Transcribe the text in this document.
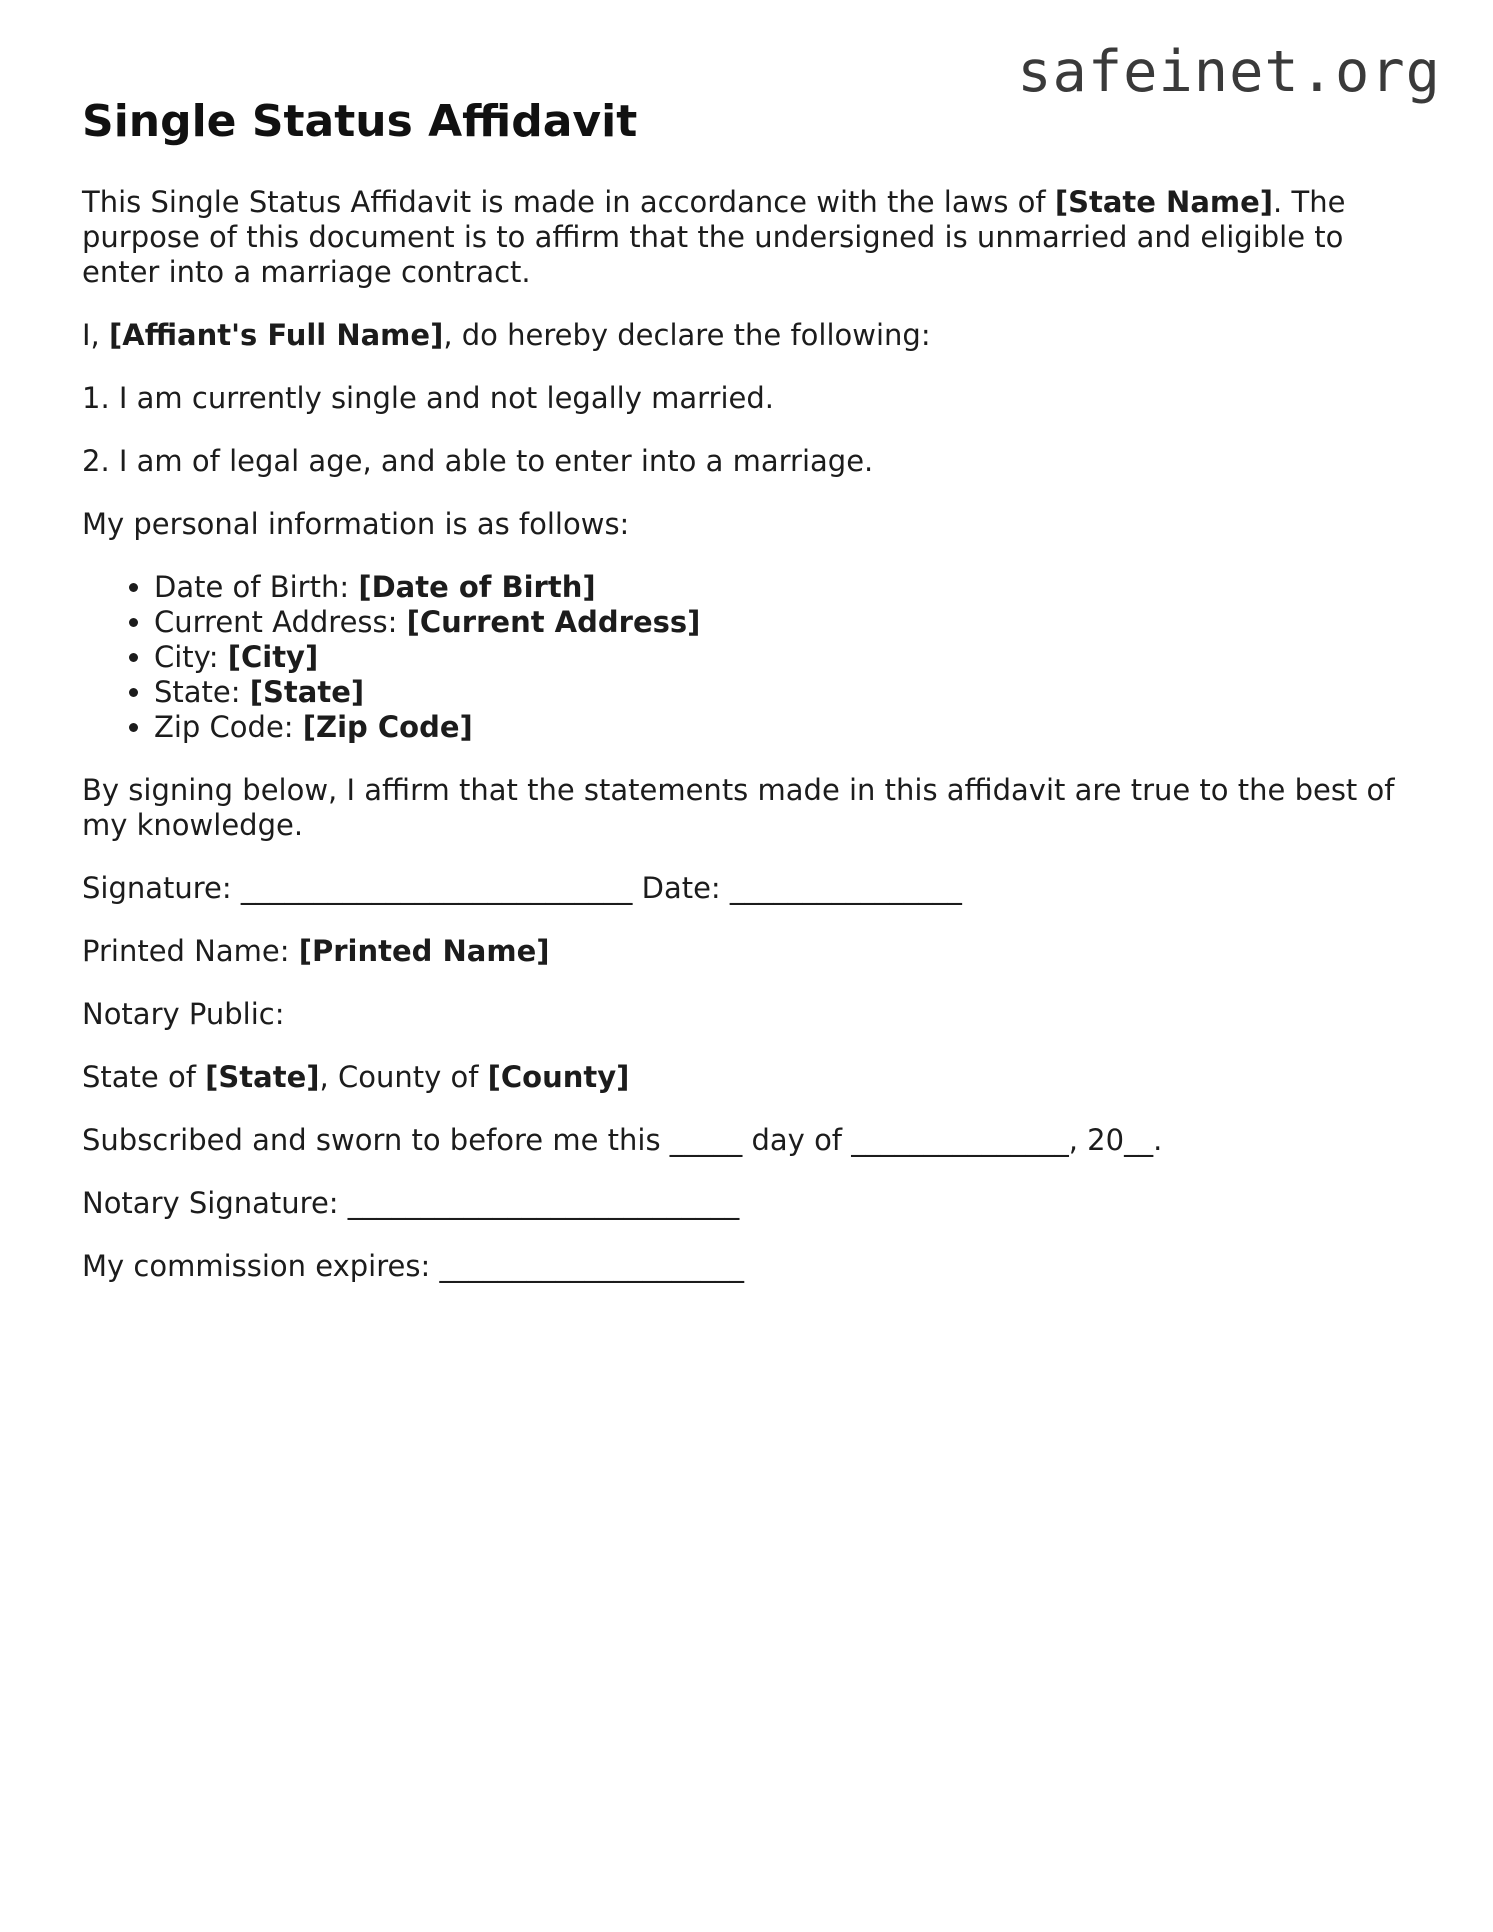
safeinet.org
Single Status Affidavit

This Single Status Affidavit is made in accordance with the laws of [State Name]. The purpose of this document is to affirm that the undersigned is unmarried and eligible to enter into a marriage contract.

I, [Affiant's Full Name], do hereby declare the following:

1. I am currently single and not legally married.

2. I am of legal age, and able to enter into a marriage.

My personal information is as follows:

• Date of Birth: [Date of Birth]
• Current Address: [Current Address]
• City: [City]
• State: [State]
• Zip Code: [Zip Code]

By signing below, I affirm that the statements made in this affidavit are true to the best of my knowledge.

Signature: ___________________________ Date: ________________

Printed Name: [Printed Name]

Notary Public:

State of [State], County of [County]

Subscribed and sworn to before me this _____ day of _______________, 20__.

Notary Signature: ___________________________

My commission expires: _____________________
